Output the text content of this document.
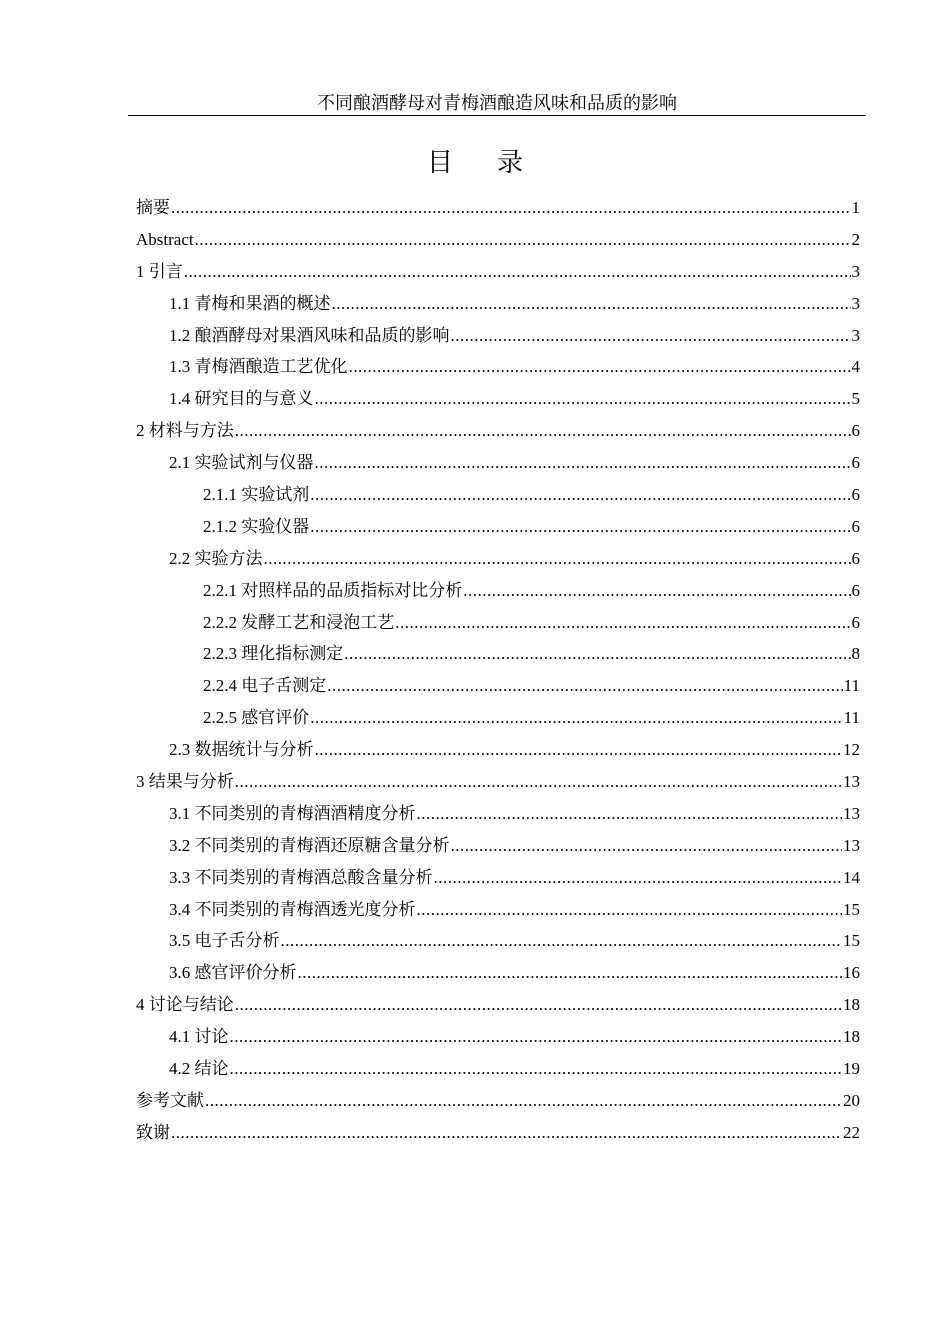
不同酿酒酵母对青梅酒酿造风味和品质的影响
目 录
摘要 .....	1
Abstract .....	2
1 引言 .....	3
1.1 青梅和果酒的概述 .....	3
1.2 酿酒酵母对果酒风味和品质的影响 .....	3
1.3 青梅酒酿造工艺优化 .....	4
1.4 研究目的与意义 .....	5
2 材料与方法 .....	6
2.1 实验试剂与仪器 .....	6
2.1.1 实验试剂 .....	6
2.1.2 实验仪器 .....	6
2.2 实验方法 .....	6
2.2.1 对照样品的品质指标对比分析 .....	6
2.2.2 发酵工艺和浸泡工艺 .....	6
2.2.3 理化指标测定 .....	8
2.2.4 电子舌测定 .....	11
2.2.5 感官评价 .....	11
2.3 数据统计与分析 .....	12
3 结果与分析 .....	13
3.1 不同类别的青梅酒酒精度分析 .....	13
3.2 不同类别的青梅酒还原糖含量分析 .....	13
3.3 不同类别的青梅酒总酸含量分析 .....	14
3.4 不同类别的青梅酒透光度分析 .....	15
3.5 电子舌分析 .....	15
3.6 感官评价分析 .....	16
4 讨论与结论 .....	18
4.1 讨论 .....	18
4.2 结论 .....	19
参考文献 .....	20
致谢 .....	22
